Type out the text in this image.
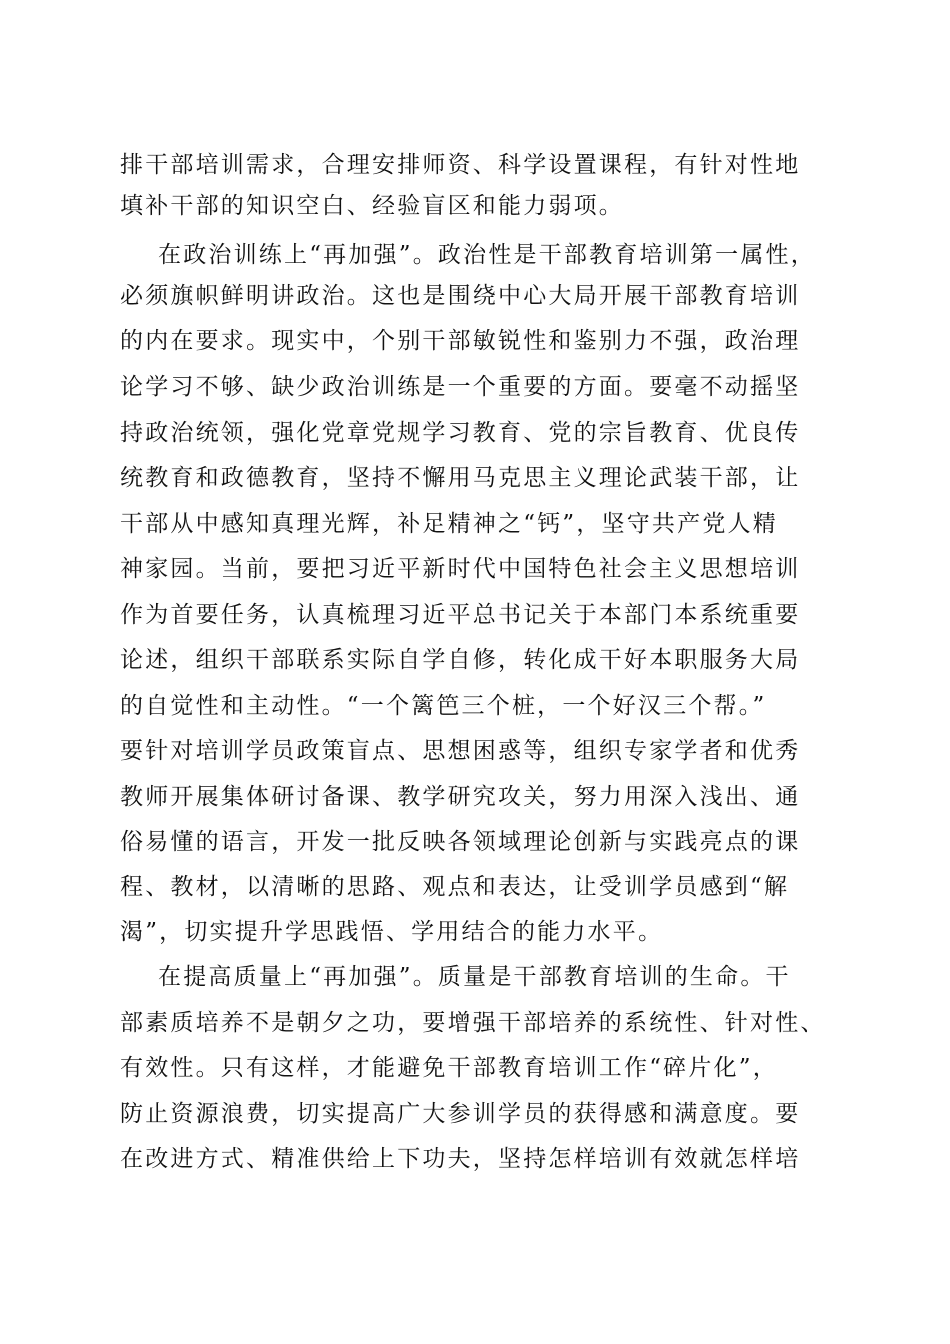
排干部培训需求，合理安排师资、科学设置课程，有针对性地

填补干部的知识空白、经验盲区和能力弱项。

在政治训练上“再加强”。政治性是干部教育培训第一属性，

必须旗帜鲜明讲政治。这也是围绕中心大局开展干部教育培训

的内在要求。现实中，个别干部敏锐性和鉴别力不强，政治理

论学习不够、缺少政治训练是一个重要的方面。要毫不动摇坚

持政治统领，强化党章党规学习教育、党的宗旨教育、优良传

统教育和政德教育，坚持不懈用马克思主义理论武装干部，让

干部从中感知真理光辉，补足精神之“钙”，坚守共产党人精

神家园。当前，要把习近平新时代中国特色社会主义思想培训

作为首要任务，认真梳理习近平总书记关于本部门本系统重要

论述，组织干部联系实际自学自修，转化成干好本职服务大局

的自觉性和主动性。“一个篱笆三个桩，一个好汉三个帮。”

要针对培训学员政策盲点、思想困惑等，组织专家学者和优秀

教师开展集体研讨备课、教学研究攻关，努力用深入浅出、通

俗易懂的语言，开发一批反映各领域理论创新与实践亮点的课

程、教材，以清晰的思路、观点和表达，让受训学员感到“解

渴”，切实提升学思践悟、学用结合的能力水平。

在提高质量上“再加强”。质量是干部教育培训的生命。干

部素质培养不是朝夕之功，要增强干部培养的系统性、针对性、

有效性。只有这样，才能避免干部教育培训工作“碎片化”，

防止资源浪费，切实提高广大参训学员的获得感和满意度。要

在改进方式、精准供给上下功夫，坚持怎样培训有效就怎样培
